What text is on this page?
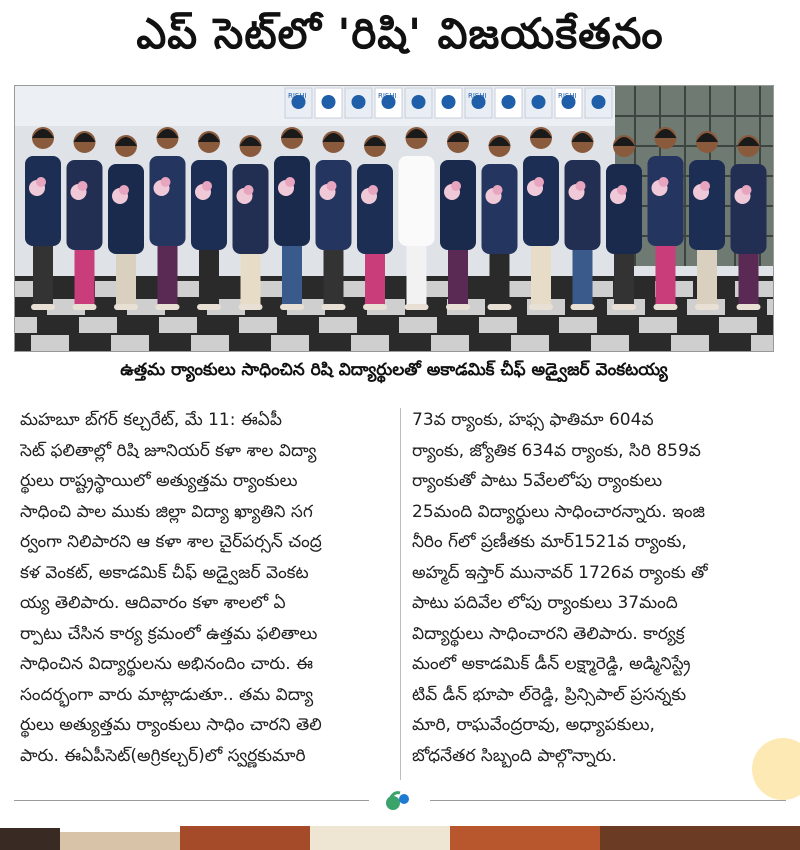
ఎప్ సెట్‌లో 'రిషి' విజయకేతనం
RISHI	RISHI	RISHI	RISHI
ఉత్తమ ర్యాంకులు సాధించిన రిషి విద్యార్థులతో అకాడమిక్ చీఫ్ అడ్వైజర్ వెంకటయ్య
మహబూ బ్‌గర్ కల్చరేట్, మే 11: ఈఏపీ
సెట్ ఫలితాల్లో రిషి జూనియర్ కళా శాల విద్యా
ర్థులు రాష్ట్రస్థాయిలో అత్యుత్తమ ర్యాంకులు
సాధించి పాల ముకు జిల్లా విద్యా ఖ్యాతిని సగ
ర్వంగా నిలిపారని ఆ కళా శాల చైర్‌పర్సన్ చంద్ర
కళ వెంకట్, అకాడమిక్ చీఫ్ అడ్వైజర్ వెంకట
య్య తెలిపారు. ఆదివారం కళా శాలలో ఏ
ర్పాటు చేసిన కార్య క్రమంలో ఉత్తమ ఫలితాలు
సాధించిన విద్యార్థులను అభినందిం చారు. ఈ
సందర్భంగా వారు మాట్లాడుతూ.. తమ విద్యా
ర్థులు అత్యుత్తమ ర్యాంకులు సాధిం చారని తెలి
పారు. ఈఏపీసెట్(అగ్రికల్చర్)లో స్వర్ణకుమారి
73వ ర్యాంకు, హఫ్స ఫాతిమా 604వ
ర్యాంకు, జ్యోతిక 634వ ర్యాంకు, సిరి 859వ
ర్యాంకుతో పాటు 5వేలలోపు ర్యాంకులు
25మంది విద్యార్థులు సాధించారన్నారు. ఇంజి
నీరిం గ్‌లో ప్రణీతకు మార్1521వ ర్యాంకు,
అహ్మద్ ఇస్తార్ మునావర్ 1726వ ర్యాంకు తో
పాటు పదివేల లోపు ర్యాంకులు 37మంది
విద్యార్థులు సాధించారని తెలిపారు. కార్యక్ర
మంలో అకాడమిక్ డీన్ లక్ష్మారెడ్డి, అడ్మినిస్ట్రే
టివ్ డీన్ భూపా ల్‌రెడ్డి, ప్రిన్సిపాల్ ప్రసన్నకు
మారి, రాఘవేంద్రరావు, అధ్యాపకులు,
బోధనేతర సిబ్బంది పాల్గొన్నారు.
